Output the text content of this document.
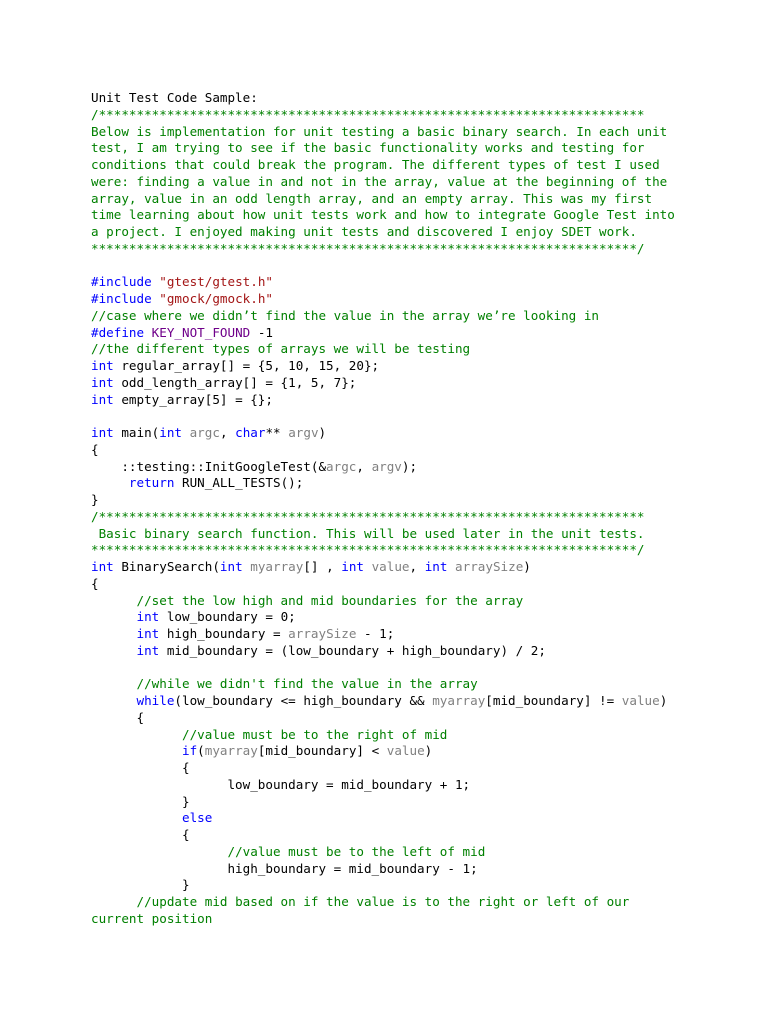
Unit Test Code Sample:
/************************************************************************
Below is implementation for unit testing a basic binary search. In each unit
test, I am trying to see if the basic functionality works and testing for
conditions that could break the program. The different types of test I used
were: finding a value in and not in the array, value at the beginning of the
array, value in an odd length array, and an empty array. This was my first
time learning about how unit tests work and how to integrate Google Test into
a project. I enjoyed making unit tests and discovered I enjoy SDET work.
************************************************************************/

#include "gtest/gtest.h"
#include "gmock/gmock.h"
//case where we didn’t find the value in the array we’re looking in
#define KEY_NOT_FOUND -1
//the different types of arrays we will be testing
int regular_array[] = {5, 10, 15, 20};
int odd_length_array[] = {1, 5, 7};
int empty_array[5] = {};

int main(int argc, char** argv)
{
::testing::InitGoogleTest(&argc, argv);
return RUN_ALL_TESTS();
}
/************************************************************************
Basic binary search function. This will be used later in the unit tests.
************************************************************************/
int BinarySearch(int myarray[] , int value, int arraySize)
{
//set the low high and mid boundaries for the array
int low_boundary = 0;
int high_boundary = arraySize - 1;
int mid_boundary = (low_boundary + high_boundary) / 2;

//while we didn't find the value in the array
while(low_boundary <= high_boundary && myarray[mid_boundary] != value)
{
//value must be to the right of mid
if(myarray[mid_boundary] < value)
{
low_boundary = mid_boundary + 1;
}
else
{
//value must be to the left of mid
high_boundary = mid_boundary - 1;
}
//update mid based on if the value is to the right or left of our
current position
